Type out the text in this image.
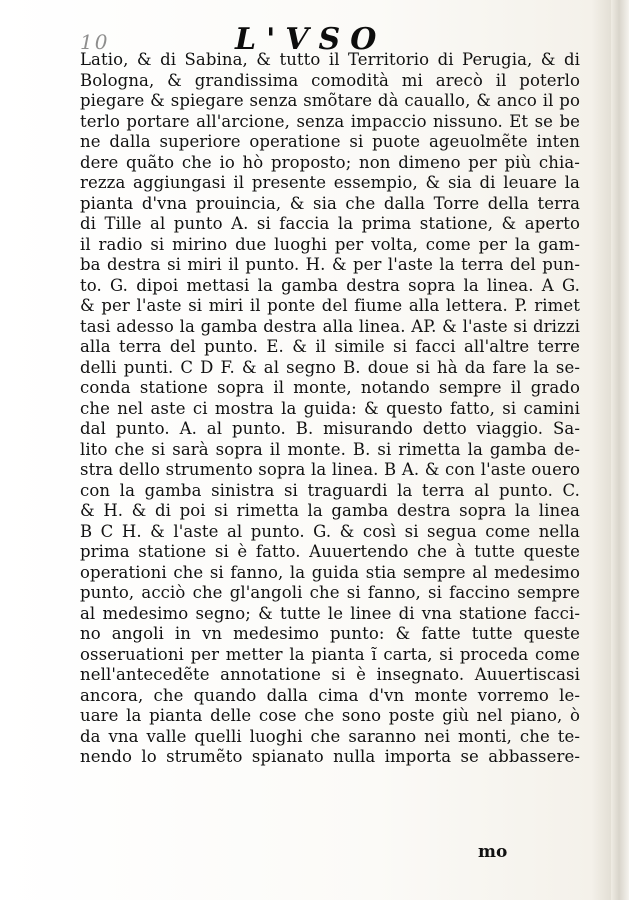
10	L'VSO
Latio, & di Sabina, & tutto il Territorio di Perugia, & di
Bologna, & grandissima comodità mi arecò il poterlo
piegare & spiegare senza smõtare dà cauallo, & anco il po
terlo portare all'arcione, senza impaccio nissuno. Et se be
ne dalla superiore operatione si puote ageuolmẽte inten
dere quãto che io hò proposto; non dimeno per più chia-
rezza aggiungasi il presente essempio, & sia di leuare la
pianta d'vna prouincia, & sia che dalla Torre della terra
di Tille al punto A. si faccia la prima statione, & aperto
il radio si mirino due luoghi per volta, come per la gam-
ba destra si miri il punto. H. & per l'aste la terra del pun-
to. G. dipoi mettasi la gamba destra sopra la linea. A G.
& per l'aste si miri il ponte del fiume alla lettera. P. rimet
tasi adesso la gamba destra alla linea. AP. & l'aste si drizzi
alla terra del punto. E. & il simile si facci all'altre terre
delli punti. C D F. & al segno B. doue si hà da fare la se-
conda statione sopra il monte, notando sempre il grado
che nel aste ci mostra la guida: & questo fatto, si camini
dal punto. A. al punto. B. misurando detto viaggio. Sa-
lito che si sarà sopra il monte. B. si rimetta la gamba de-
stra dello strumento sopra la linea. B A. & con l'aste ouero
con la gamba sinistra si traguardi la terra al punto. C.
& H. & di poi si rimetta la gamba destra sopra la linea
B C H. & l'aste al punto. G. & così si segua come nella
prima statione si è fatto. Auuertendo che à tutte queste
operationi che si fanno, la guida stia sempre al medesimo
punto, acciò che gl'angoli che si fanno, si faccino sempre
al medesimo segno; & tutte le linee di vna statione facci-
no angoli in vn medesimo punto: & fatte tutte queste
osseruationi per metter la pianta ĩ carta, si proceda come
nell'antecedẽte annotatione si è insegnato. Auuertiscasi
ancora, che quando dalla cima d'vn monte vorremo le-
uare la pianta delle cose che sono poste giù nel piano, ò
da vna valle quelli luoghi che saranno nei monti, che te-
nendo lo strumẽto spianato nulla importa se abbassere-
mo
